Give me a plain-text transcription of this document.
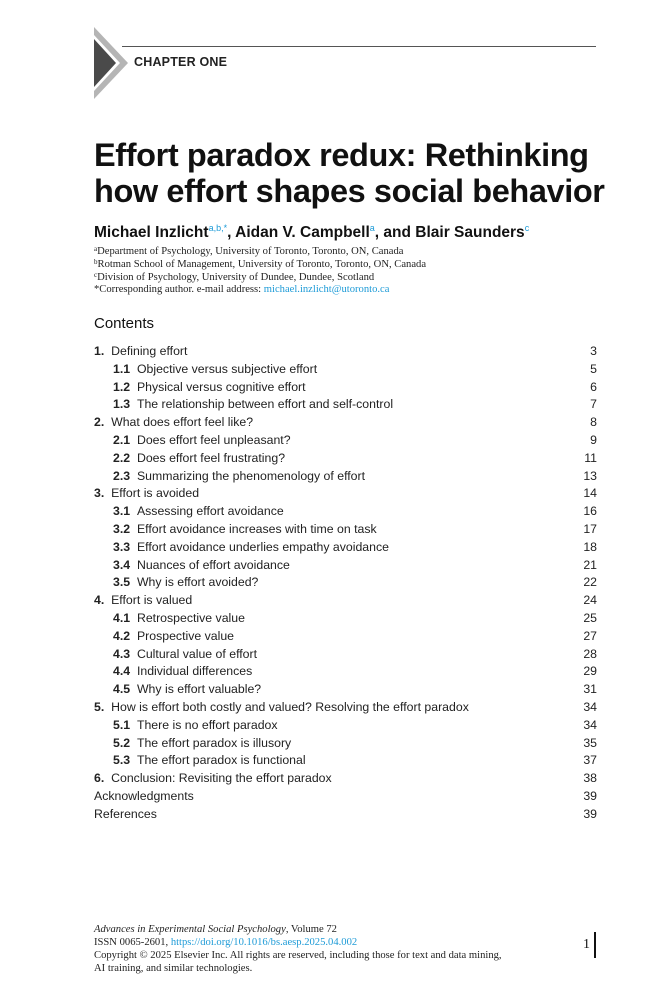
CHAPTER ONE
Effort paradox redux: Rethinking
how effort shapes social behavior
Michael Inzlicht$^{a,b,*}$, Aidan V. Campbell$^a$, and Blair Saunders$^c$
$^a$Department of Psychology, University of Toronto, Toronto, ON, Canada
$^b$Rotman School of Management, University of Toronto, Toronto, ON, Canada
$^c$Division of Psychology, University of Dundee, Dundee, Scotland
*Corresponding author. e-mail address: michael.inzlicht@utoronto.ca
Contents
1. Defining effort	3
1.1 Objective versus subjective effort	5
1.2 Physical versus cognitive effort	6
1.3 The relationship between effort and self-control	7
2. What does effort feel like?	8
2.1 Does effort feel unpleasant?	9
2.2 Does effort feel frustrating?	11
2.3 Summarizing the phenomenology of effort	13
3. Effort is avoided	14
3.1 Assessing effort avoidance	16
3.2 Effort avoidance increases with time on task	17
3.3 Effort avoidance underlies empathy avoidance	18
3.4 Nuances of effort avoidance	21
3.5 Why is effort avoided?	22
4. Effort is valued	24
4.1 Retrospective value	25
4.2 Prospective value	27
4.3 Cultural value of effort	28
4.4 Individual differences	29
4.5 Why is effort valuable?	31
5. How is effort both costly and valued? Resolving the effort paradox	34
5.1 There is no effort paradox	34
5.2 The effort paradox is illusory	35
5.3 The effort paradox is functional	37
6. Conclusion: Revisiting the effort paradox	38
Acknowledgments	39
References	39
Advances in Experimental Social Psychology, Volume 72
ISSN 0065-2601, https://doi.org/10.1016/bs.aesp.2025.04.002
Copyright © 2025 Elsevier Inc. All rights are reserved, including those for text and data mining,
AI training, and similar technologies.
1
